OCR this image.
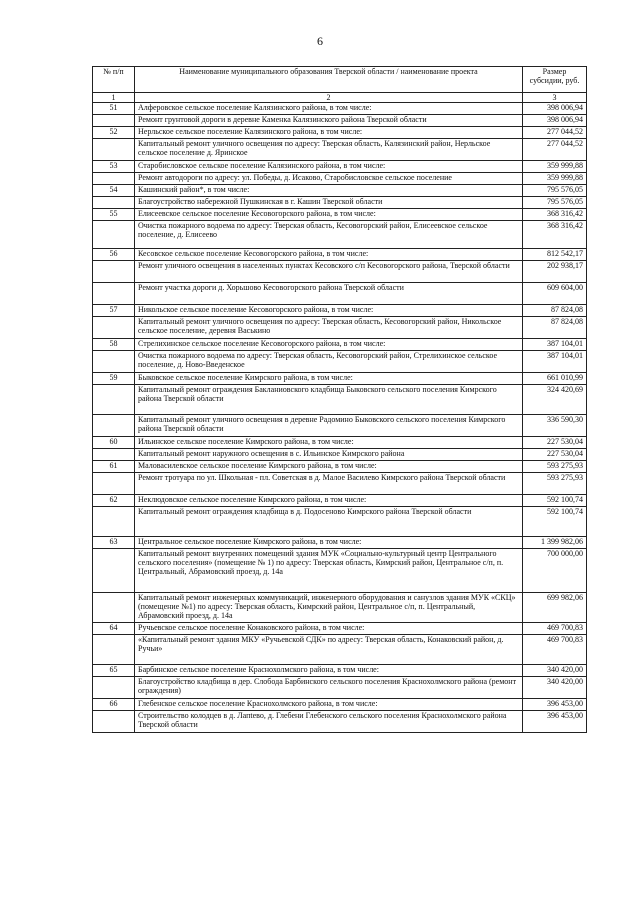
6
№ п/п	Наименование муниципального образования Тверской области / наименование проекта	Размер субсидии, руб.
1	2	3
51	Алферовское сельское поселение Калязинского района, в том числе:	398 006,94
	Ремонт грунтовой дороги в деревне Каменка Калязинского района Тверской области	398 006,94
52	Нерльское сельское поселение Калязинского района, в том числе:	277 044,52
	Капитальный ремонт уличного освещения по адресу: Тверская область, Калязинский район, Нерльское сельское поселение д. Яринское	277 044,52
53	Старобисловское сельское поселение Калязинского района, в том числе:	359 999,88
	Ремонт автодороги по адресу: ул. Победы, д. Исаково, Старобисловское сельское поселение	359 999,88
54	Кашинский район*, в том числе:	795 576,05
	Благоустройство набережной Пушкинская в г. Кашин Тверской области	795 576,05
55	Елисеевское сельское поселение Кесовогорского района, в том числе:	368 316,42
	Очистка пожарного водоема по адресу: Тверская область, Кесовогорский район, Елисеевское сельское поселение, д. Елисеево	368 316,42
56	Кесовское сельское поселение Кесовогорского района, в том числе:	812 542,17
	Ремонт уличного освещения в населенных пунктах Кесовского с/п Кесовогорского района, Тверской области	202 938,17
	Ремонт участка дороги д. Хорьшово Кесовогорского района Тверской области	609 604,00
57	Никольское сельское поселение Кесовогорского района, в том числе:	87 824,08
	Капитальный ремонт уличного освещения по адресу: Тверская область, Кесовогорский район, Никольское сельское поселение, деревня Васькино	87 824,08
58	Стрелихинское сельское поселение Кесовогорского района, в том числе:	387 104,01
	Очистка пожарного водоема по адресу: Тверская область, Кесовогорский район, Стрелихинское сельское поселение, д. Ново-Введенское	387 104,01
59	Быковское сельское поселение Кимрского района, в том числе:	661 010,99
	Капитальный ремонт ограждения Бакланиовского кладбища Быковского сельского поселения Кимрского района Тверской области	324 420,69
	Капитальный ремонт уличного освещения в деревне Радомино Быковского сельского поселения Кимрского района Тверской области	336 590,30
60	Ильинское сельское поселение Кимрского района, в том числе:	227 530,04
	Капитальный ремонт наружного освещения в с. Ильинское Кимрского района	227 530,04
61	Маловасилевское сельское поселение Кимрского района, в том числе:	593 275,93
	Ремонт тротуара по ул. Школьная - пл. Советская в д. Малое Василево Кимрского района Тверской области	593 275,93
62	Неклюдовское сельское поселение Кимрского района, в том числе:	592 100,74
	Капитальный ремонт ограждения кладбища в д. Подосеново Кимрского района Тверской области	592 100,74
63	Центральное сельское поселение Кимрского района, в том числе:	1 399 982,06
	Капитальный ремонт внутренних помещений здания МУК «Социально-культурный центр Центрального сельского поселения» (помещение № 1) по адресу: Тверская область, Кимрский район, Центральное с/п, п. Центральный, Абрамовский проезд, д. 14а	700 000,00
	Капитальный ремонт инженерных коммуникаций, инженерного оборудования и санузлов здания МУК «СКЦ» (помещение №1) по адресу: Тверская область, Кимрский район, Центральное с/п, п. Центральный, Абрамовский проезд, д. 14а	699 982,06
64	Ручьевское сельское поселение Конаковского района, в том числе:	469 700,83
	«Капитальный ремонт здания МКУ «Ручьевской СДК» по адресу: Тверская область, Конаковский район, д. Ручьи»	469 700,83
65	Барбинское сельское поселение Краснохолмского района, в том числе:	340 420,00
	Благоустройство кладбища в дер. Слобода Барбинского сельского поселения Краснохолмского района (ремонт ограждения)	340 420,00
66	Глебенское сельское поселение Краснохолмского района, в том числе:	396 453,00
	Строительство колодцев в д. Лапteво, д. Глебени Глебенского сельского поселения Краснохолмского района Тверской области	396 453,00
